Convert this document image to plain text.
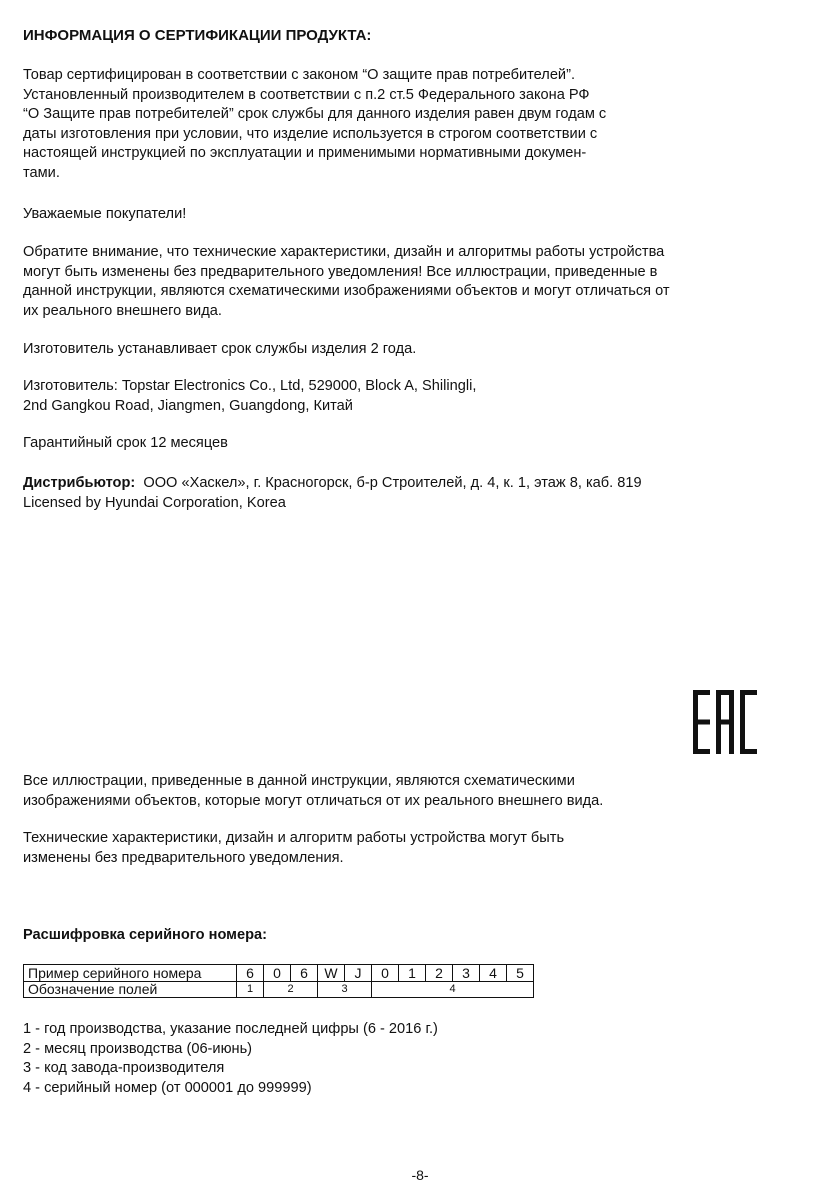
ИНФОРМАЦИЯ О СЕРТИФИКАЦИИ ПРОДУКТА:

Товар сертифицирован в соответствии с законом “О защите прав потребителей”.
Установленный производителем в соответствии с п.2 ст.5 Федерального закона РФ
“О Защите прав потребителей” срок службы для данного изделия равен двум годам с
даты изготовления при условии, что изделие используется в строгом соответствии с
настоящей инструкцией по эксплуатации и применимыми нормативными докумен-
тами.

Уважаемые покупатели!

Обратите внимание, что технические характеристики, дизайн и алгоритмы работы устройства
могут быть изменены без предварительного уведомления! Все иллюстрации, приведенные в
данной инструкции, являются схематическими изображениями объектов и могут отличаться от
их реального внешнего вида.

Изготовитель устанавливает срок службы изделия 2 года.

Изготовитель: Topstar Electronics Co., Ltd, 529000, Block A, Shilingli,
2nd Gangkou Road, Jiangmen, Guangdong, Китай

Гарантийный срок 12 месяцев

Дистрибьютор: ООО «Хаскел», г. Красногорск, б-р Строителей, д. 4, к. 1, этаж 8, каб. 819
Licensed by Hyundai Corporation, Korea
Все иллюстрации, приведенные в данной инструкции, являются схематическими
изображениями объектов, которые могут отличаться от их реального внешнего вида.
Технические характеристики, дизайн и алгоритм работы устройства могут быть
изменены без предварительного уведомления.

Расшифровка серийного номера:

Пример серийного номера	6	0	6	W	J	0	1	2	3	4	5
Обозначение полей	1	2		3		4					
1 - год производства, указание последней цифры (6 - 2016 г.)
2 - месяц производства (06-июнь)
3 - код завода-производителя
4 - серийный номер (от 000001 до 999999)
-8-
